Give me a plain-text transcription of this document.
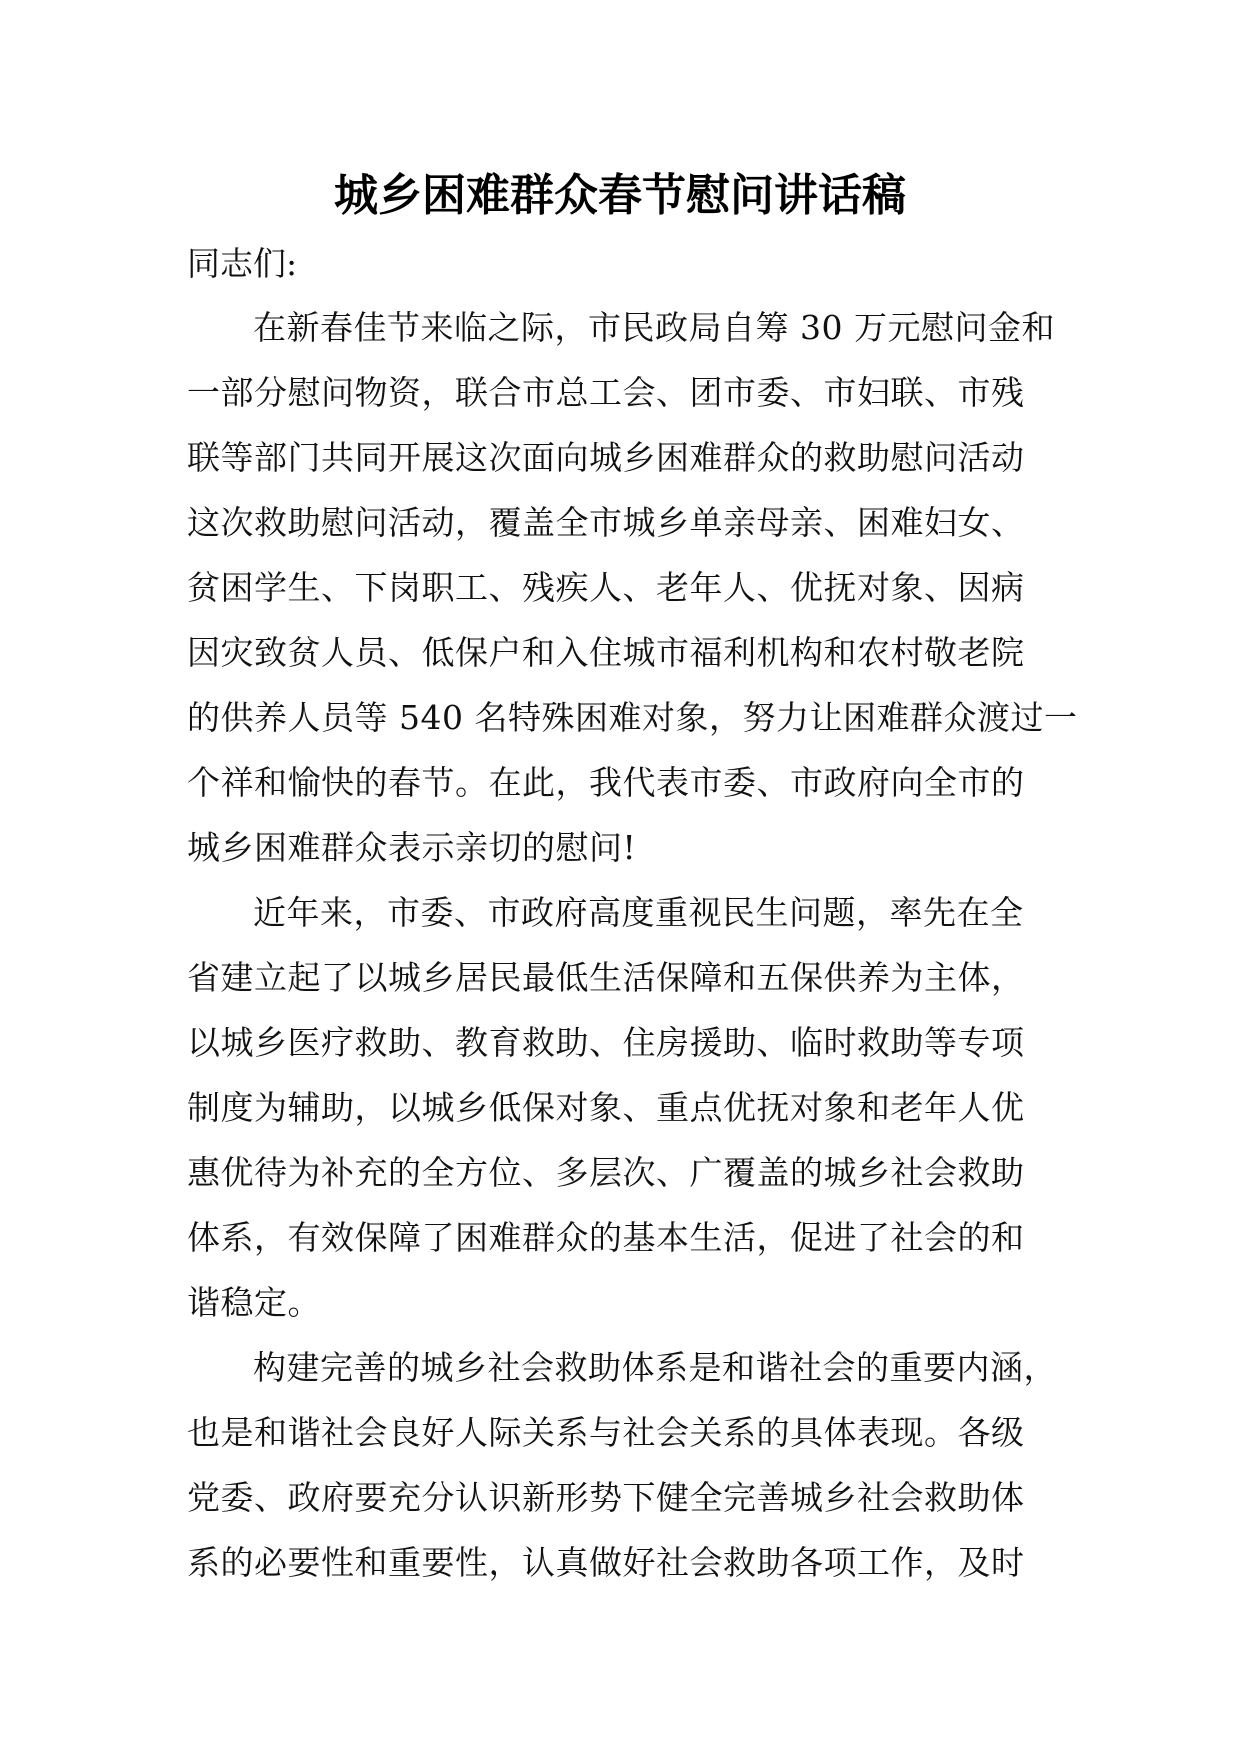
城乡困难群众春节慰问讲话稿

同志们:

在新春佳节来临之际，市民政局自筹 30 万元慰问金和
一部分慰问物资，联合市总工会、团市委、市妇联、市残
联等部门共同开展这次面向城乡困难群众的救助慰问活动
这次救助慰问活动，覆盖全市城乡单亲母亲、困难妇女、
贫困学生、下岗职工、残疾人、老年人、优抚对象、因病
因灾致贫人员、低保户和入住城市福利机构和农村敬老院
的供养人员等 540 名特殊困难对象，努力让困难群众渡过一
个祥和愉快的春节。在此，我代表市委、市政府向全市的
城乡困难群众表示亲切的慰问!
近年来，市委、市政府高度重视民生问题，率先在全
省建立起了以城乡居民最低生活保障和五保供养为主体，
以城乡医疗救助、教育救助、住房援助、临时救助等专项
制度为辅助，以城乡低保对象、重点优抚对象和老年人优
惠优待为补充的全方位、多层次、广覆盖的城乡社会救助
体系，有效保障了困难群众的基本生活，促进了社会的和
谐稳定。
构建完善的城乡社会救助体系是和谐社会的重要内涵，
也是和谐社会良好人际关系与社会关系的具体表现。各级
党委、政府要充分认识新形势下健全完善城乡社会救助体
系的必要性和重要性，认真做好社会救助各项工作，及时
